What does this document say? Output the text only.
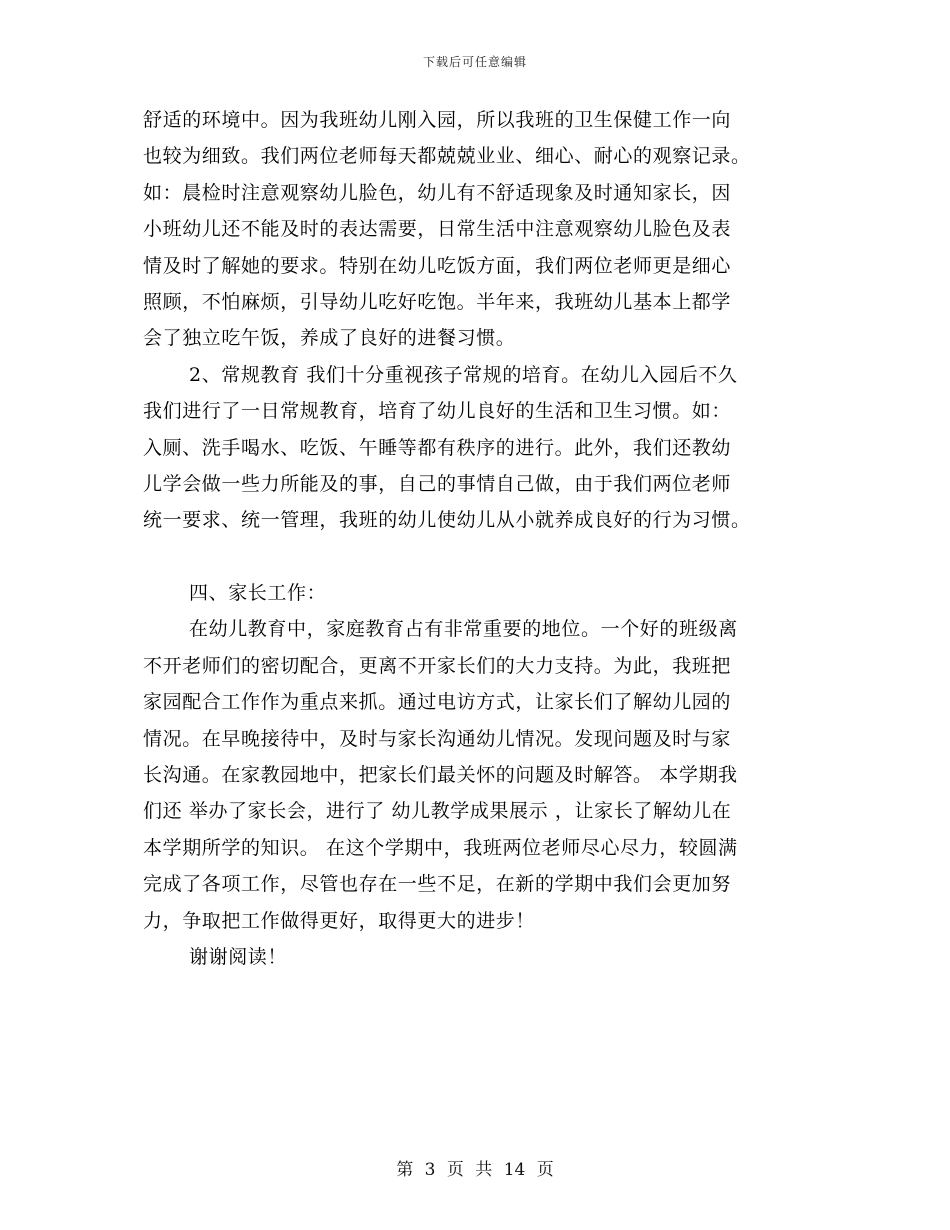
下载后可任意编辑
舒适的环境中。因为我班幼儿刚入园，所以我班的卫生保健工作一向
也较为细致。我们两位老师每天都兢兢业业、细心、耐心的观察记录。
如：晨检时注意观察幼儿脸色，幼儿有不舒适现象及时通知家长，因
小班幼儿还不能及时的表达需要，日常生活中注意观察幼儿脸色及表
情及时了解她的要求。特别在幼儿吃饭方面，我们两位老师更是细心
照顾，不怕麻烦，引导幼儿吃好吃饱。半年来，我班幼儿基本上都学
会了独立吃午饭，养成了良好的进餐习惯。
2、常规教育 我们十分重视孩子常规的培育。在幼儿入园后不久
我们进行了一日常规教育，培育了幼儿良好的生活和卫生习惯。如：
入厕、洗手喝水、吃饭、午睡等都有秩序的进行。此外，我们还教幼
儿学会做一些力所能及的事，自己的事情自己做，由于我们两位老师
统一要求、统一管理，我班的幼儿使幼儿从小就养成良好的行为习惯。
四、家长工作：
在幼儿教育中，家庭教育占有非常重要的地位。一个好的班级离
不开老师们的密切配合，更离不开家长们的大力支持。为此，我班把
家园配合工作作为重点来抓。通过电访方式，让家长们了解幼儿园的
情况。在早晚接待中，及时与家长沟通幼儿情况。发现问题及时与家
长沟通。在家教园地中，把家长们最关怀的问题及时解答。 本学期我
们还 举办了家长会，进行了 幼儿教学成果展示 ，让家长了解幼儿在
本学期所学的知识。 在这个学期中，我班两位老师尽心尽力，较圆满
完成了各项工作，尽管也存在一些不足，在新的学期中我们会更加努
力，争取把工作做得更好，取得更大的进步！
谢谢阅读！
第 3 页 共 14 页
